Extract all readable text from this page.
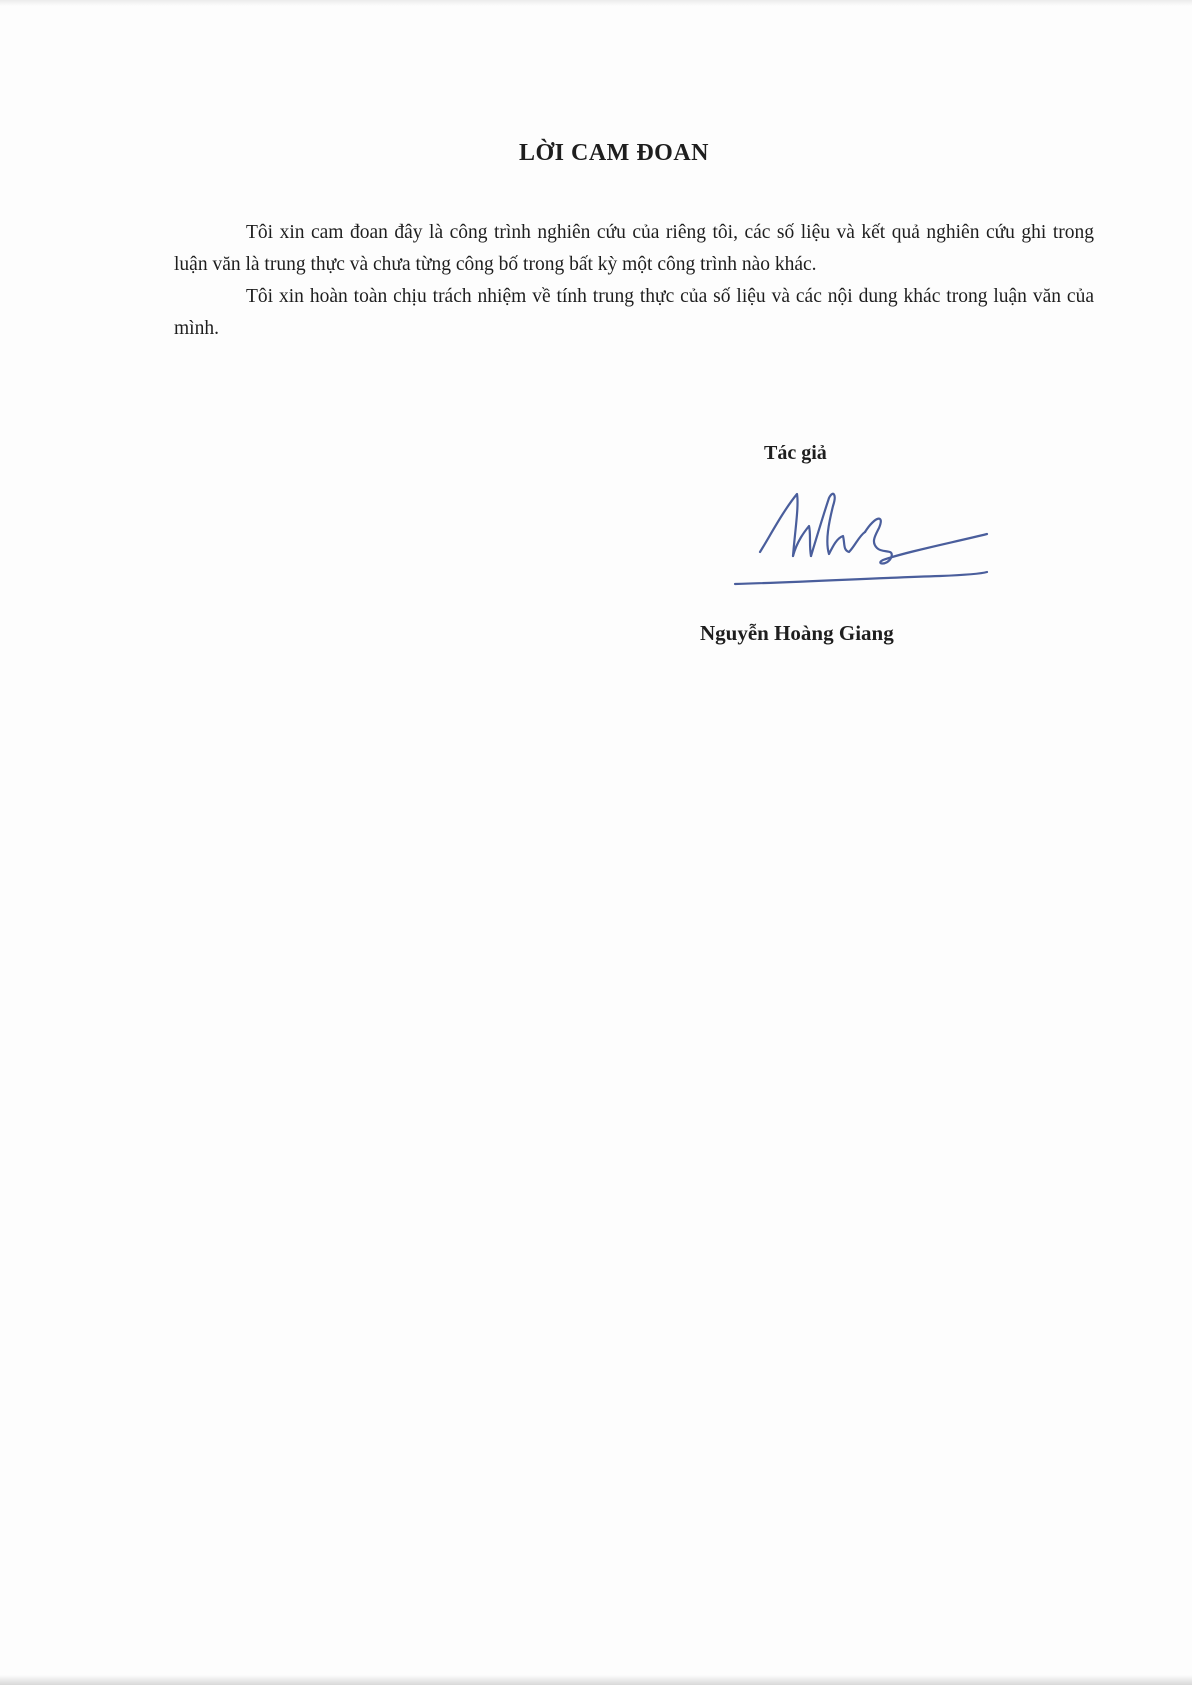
LỜI CAM ĐOAN

Tôi xin cam đoan đây là công trình nghiên cứu của riêng tôi, các số liệu và kết quả nghiên cứu ghi trong luận văn là trung thực và chưa từng công bố trong bất kỳ một công trình nào khác.

Tôi xin hoàn toàn chịu trách nhiệm về tính trung thực của số liệu và các nội dung khác trong luận văn của mình.

Tác giả
Nguyễn Hoàng Giang
